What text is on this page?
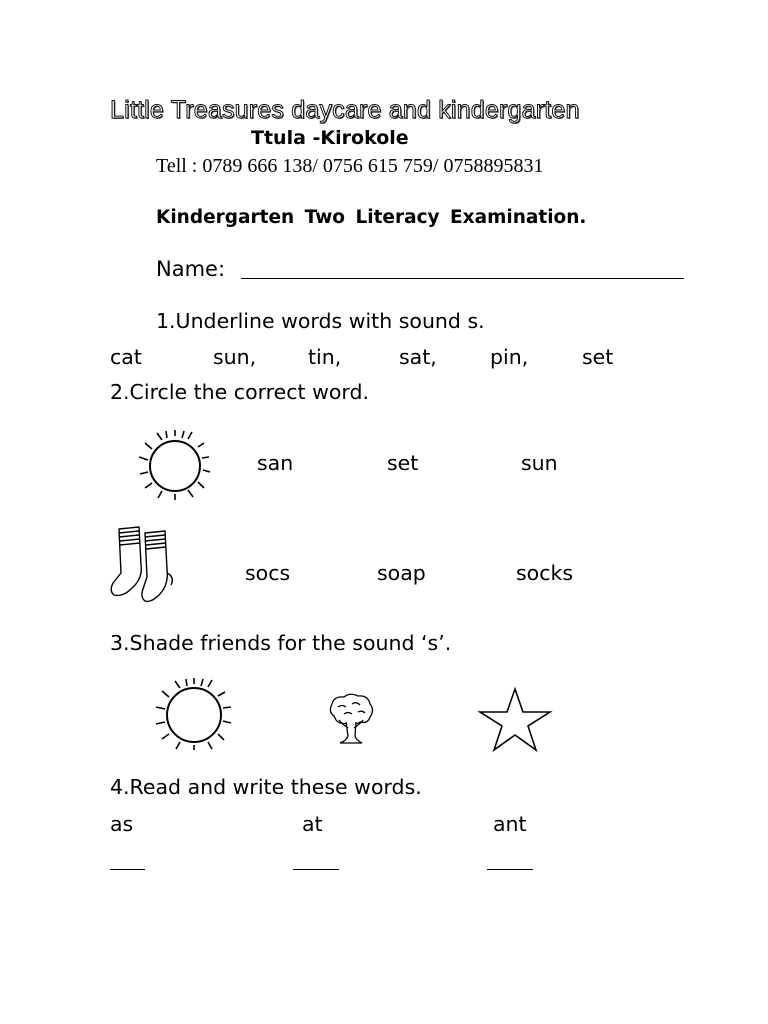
Little Treasures daycare and kindergarten
Ttula -Kirokole
Tell : 0789 666 138/ 0756 615 759/ 0758895831
Kindergarten Two Literacy Examination.
Name:
1.Underline words with sound s.
cat	sun,	tin,	sat,	pin,	set
2.Circle the correct word.
san	set	sun
socs	soap	socks
3.Shade friends for the sound ‘s’.
4.Read and write these words.
as	at	ant
